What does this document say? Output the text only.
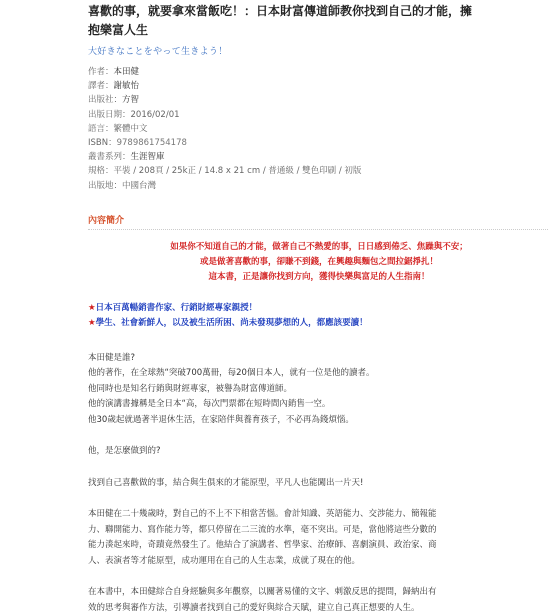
喜歡的事，就要拿來當飯吃！：日本財富傳道師教你找到自己的才能，擁
抱樂富人生
大好きなことをやって生きよう！
作者：本田健
譯者：謝敏怡
出版社：方智
出版日期：2016/02/01
語言：繁體中文
ISBN：9789861754178
叢書系列：生涯智庫
規格：平裝 / 208頁 / 25k正 / 14.8 x 21 cm / 普通級 / 雙色印刷 / 初版
出版地：中國台灣
內容簡介
如果你不知道自己的才能，做著自己不熱愛的事，日日感到倦乏、焦躁與不安；
或是做著喜歡的事，卻賺不到錢，在興趣與麵包之間拉鋸掙扎！
這本書，正是讓你找到方向，獲得快樂與富足的人生指南！
★日本百萬暢銷書作家、行銷財經專家親授！
★學生、社會新鮮人，以及被生活所困、尚未發現夢想的人，都應該要讀！
本田健是誰?
他的著作，在全球熱“突破700萬冊，每20個日本人，就有一位是他的讀者。
他同時也是知名行銷與財經專家，被譽為財富傳道師。
他的演講書據稱是全日本“高，每次門票都在短時間內銷售一空。
他30歲起就過著半退休生活，在家陪伴與養育孩子，不必再為錢煩惱。
他，是怎麼做到的?
找到自己喜歡做的事，結合與生俱來的才能原型，平凡人也能闖出一片天!
本田健在二十幾歲時，對自己的不上不下相當苦惱。會計知識、英語能力、交涉能力、簡報能
力、聯開能力、寫作能力等，都只停留在二三流的水準，毫不突出。可是，當他將這些分數的
能力湊起來時，奇蹟竟然發生了。他結合了演講者、哲學家、治療師、喜劇演員、政治家、商
人、表演者等才能原型，成功運用在自己的人生志業，成就了現在的他。
在本書中，本田健綜合自身經驗與多年觀察，以關著易懂的文字、刺激反思的提問，歸納出有
效的思考與審作方法，引導讀者找到自己的愛好與綜合天賦，建立自己真正想要的人生。
